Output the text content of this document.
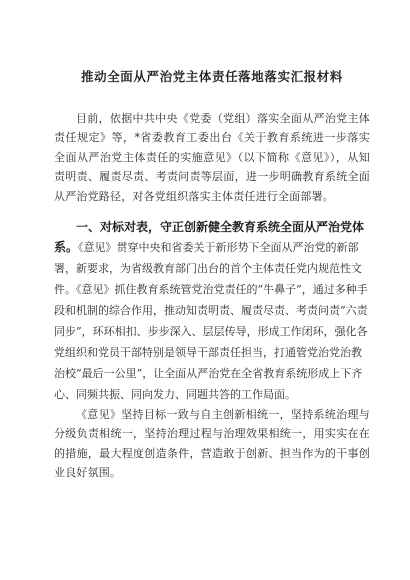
推动全面从严治党主体责任落地落实汇报材料

目前，依据中共中央《党委（党组）落实全面从严治党主体责任规定》等，*省委教育工委出台《关于教育系统进一步落实全面从严治党主体责任的实施意见》（以下简称《意见》），从知责明责、履责尽责、考责问责等层面，进一步明确教育系统全面从严治党路径，对各党组织落实主体责任进行全面部署。

一、对标对表，守正创新健全教育系统全面从严治党体系。《意见》贯穿中央和省委关于新形势下全面从严治党的新部署，新要求，为省级教育部门出台的首个主体责任党内规范性文件。《意见》抓住教育系统管党治党责任的“牛鼻子”，通过多种手段和机制的综合作用，推动知责明责、履责尽责、考责问责“六责同步”，环环相扣、步步深入、层层传导，形成工作闭环，强化各党组织和党员干部特别是领导干部责任担当，打通管党治党治教治校“最后一公里”，让全面从严治党在全省教育系统形成上下齐心、同频共振、同向发力、同题共答的工作局面。

《意见》坚持目标一致与自主创新相统一，坚持系统治理与分级负责相统一，坚持治理过程与治理效果相统一，用实实在在的措施，最大程度创造条件，营造敢于创新、担当作为的干事创业良好氛围。
